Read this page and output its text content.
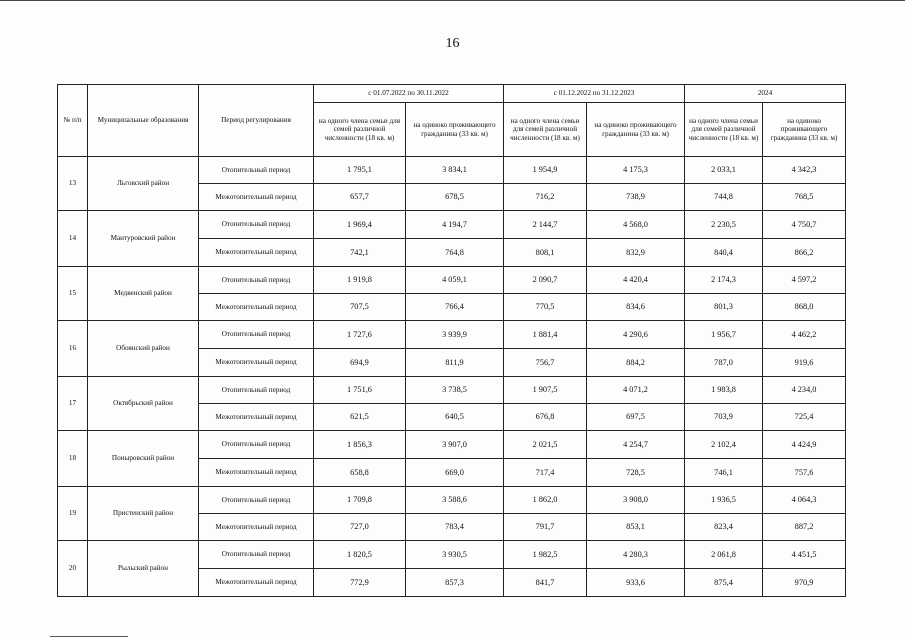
16
№ п/п	Муниципальные образования	Период регулирования	с 01.07.2022 по 30.11.2022		с 01.12.2022 по 31.12.2023		2024	
			на одного члена семьи для семей различной численности (18 кв. м)	на одиноко проживающего гражданина (33 кв. м)	на одного члена семьи для семей различной численности (18 кв. м)	на одиноко проживающего гражданина (33 кв. м)	на одного члена семьи для семей различной численности (18 кв. м)	на одиноко проживающего гражданина (33 кв. м)
13	Льговский район	Отопительный период	1 795,1	3 834,1	1 954,9	4 175,3	2 033,1	4 342,3
		Межотопительный период	657,7	678,5	716,2	738,9	744,8	768,5
14	Мантуровский район	Отопительный период	1 969,4	4 194,7	2 144,7	4 568,0	2 230,5	4 750,7
		Межотопительный период	742,1	764,8	808,1	832,9	840,4	866,2
15	Медвенский район	Отопительный период	1 919,8	4 059,1	2 090,7	4 420,4	2 174,3	4 597,2
		Межотопительный период	707,5	766,4	770,5	834,6	801,3	868,0
16	Обоянский район	Отопительный период	1 727,6	3 939,9	1 881,4	4 290,6	1 956,7	4 462,2
		Межотопительный период	694,9	811,9	756,7	884,2	787,0	919,6
17	Октябрьский район	Отопительный период	1 751,6	3 738,5	1 907,5	4 071,2	1 983,8	4 234,0
		Межотопительный период	621,5	640,5	676,8	697,5	703,9	725,4
18	Поныровский район	Отопительный период	1 856,3	3 907,0	2 021,5	4 254,7	2 102,4	4 424,9
		Межотопительный период	658,8	669,0	717,4	728,5	746,1	757,6
19	Пристенский район	Отопительный период	1 709,8	3 588,6	1 862,0	3 908,0	1 936,5	4 064,3
		Межотопительный период	727,0	783,4	791,7	853,1	823,4	887,2
20	Рыльский район	Отопительный период	1 820,5	3 930,5	1 982,5	4 280,3	2 061,8	4 451,5
		Межотопительный период	772,9	857,3	841,7	933,6	875,4	970,9
